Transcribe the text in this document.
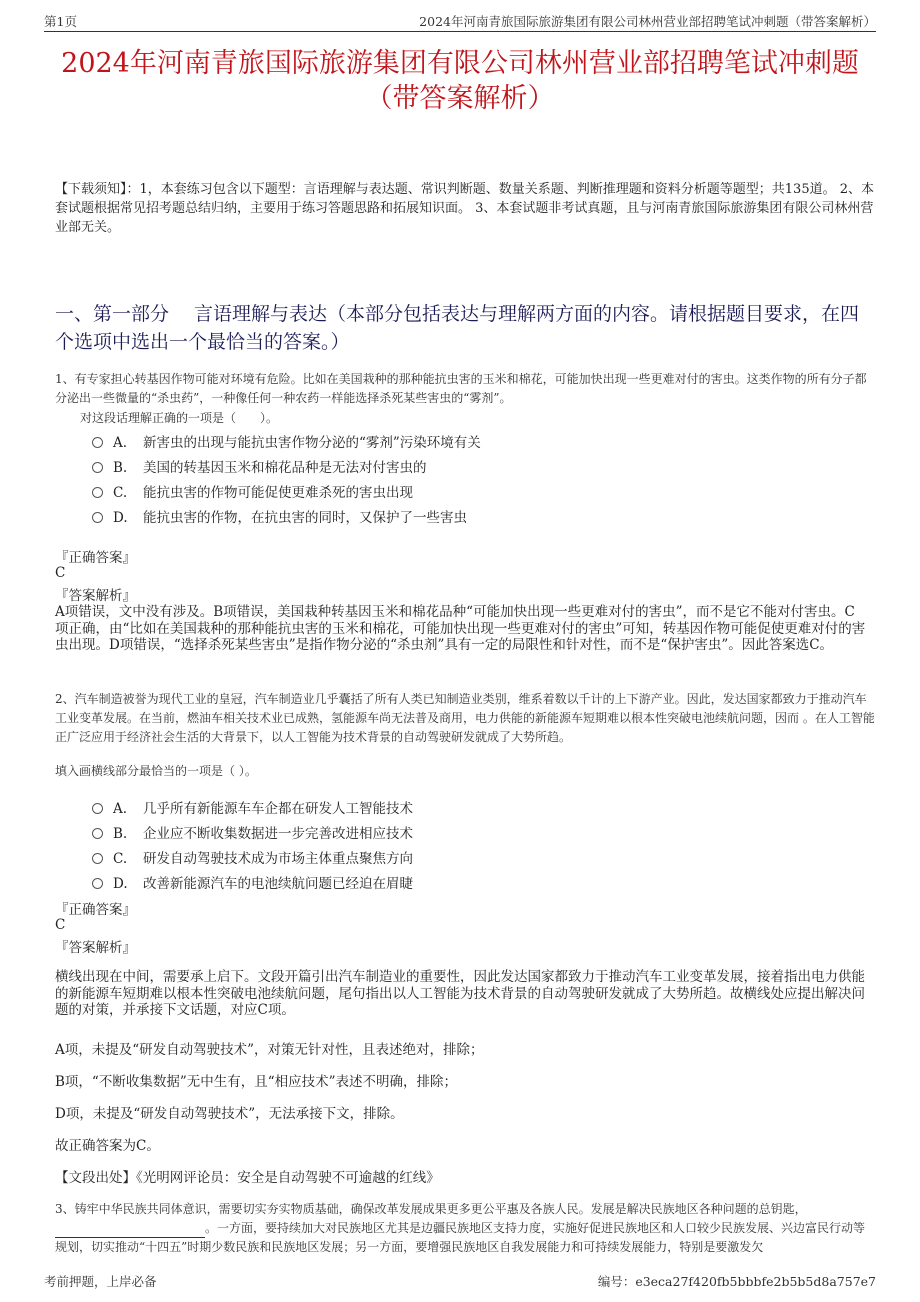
第1页	2024年河南青旅国际旅游集团有限公司林州营业部招聘笔试冲刺题（带答案解析）
2024年河南青旅国际旅游集团有限公司林州营业部招聘笔试冲刺题（带答案解析）
【下载须知】：1，本套练习包含以下题型：言语理解与表达题、常识判断题、数量关系题、判断推理题和资料分析题等题型；共135道。 2、本套试题根据常见招考题总结归纳，主要用于练习答题思路和拓展知识面。 3、本套试题非考试真题，且与河南青旅国际旅游集团有限公司林州营业部无关。
一、第一部分　 言语理解与表达（本部分包括表达与理解两方面的内容。请根据题目要求，在四个选项中选出一个最恰当的答案。）
1、有专家担心转基因作物可能对环境有危险。比如在美国栽种的那种能抗虫害的玉米和棉花，可能加快出现一些更难对付的害虫。这类作物的所有分子都分泌出一些微量的“杀虫药”，一种像任何一种农药一样能选择杀死某些害虫的“雾剂”。
对这段话理解正确的一项是（　　）。
A. 新害虫的出现与能抗虫害作物分泌的“雾剂”污染环境有关
B. 美国的转基因玉米和棉花品种是无法对付害虫的
C. 能抗虫害的作物可能促使更难杀死的害虫出现
D. 能抗虫害的作物，在抗虫害的同时，又保护了一些害虫
『正确答案』
C
『答案解析』
A项错误，文中没有涉及。B项错误，美国栽种转基因玉米和棉花品种“可能加快出现一些更难对付的害虫”，而不是它不能对付害虫。C项正确，由“比如在美国栽种的那种能抗虫害的玉米和棉花，可能加快出现一些更难对付的害虫”可知，转基因作物可能促使更难对付的害虫出现。D项错误，“选择杀死某些害虫”是指作物分泌的“杀虫剂”具有一定的局限性和针对性，而不是“保护害虫”。因此答案选C。
2、汽车制造被誉为现代工业的皇冠，汽车制造业几乎囊括了所有人类已知制造业类别，维系着数以千计的上下游产业。因此，发达国家都致力于推动汽车工业变革发展。在当前，燃油车相关技术业已成熟，氢能源车尚无法普及商用，电力供能的新能源车短期难以根本性突破电池续航问题，因而 。在人工智能正广泛应用于经济社会生活的大背景下，以人工智能为技术背景的自动驾驶研发就成了大势所趋。
填入画横线部分最恰当的一项是（ ）。
A. 几乎所有新能源车车企都在研发人工智能技术
B. 企业应不断收集数据进一步完善改进相应技术
C. 研发自动驾驶技术成为市场主体重点聚焦方向
D. 改善新能源汽车的电池续航问题已经迫在眉睫
『正确答案』
C
『答案解析』
横线出现在中间，需要承上启下。文段开篇引出汽车制造业的重要性，因此发达国家都致力于推动汽车工业变革发展，接着指出电力供能的新能源车短期难以根本性突破电池续航问题，尾句指出以人工智能为技术背景的自动驾驶研发就成了大势所趋。故横线处应提出解决问题的对策，并承接下文话题，对应C项。
A项，未提及“研发自动驾驶技术”，对策无针对性，且表述绝对，排除；
B项，“不断收集数据”无中生有，且“相应技术”表述不明确，排除；
D项，未提及“研发自动驾驶技术”，无法承接下文，排除。
故正确答案为C。
【文段出处】《光明网评论员：安全是自动驾驶不可逾越的红线》
3、铸牢中华民族共同体意识，需要切实夯实物质基础，确保改革发展成果更多更公平惠及各族人民。发展是解决民族地区各种问题的总钥匙，。一方面，要持续加大对民族地区尤其是边疆民族地区支持力度，实施好促进民族地区和人口较少民族发展、兴边富民行动等规划，切实推动“十四五”时期少数民族和民族地区发展；另一方面，要增强民族地区自我发展能力和可持续发展能力，特别是要激发欠
考前押题，上岸必备	编号：e3eca27f420fb5bbbfe2b5b5d8a757e7
